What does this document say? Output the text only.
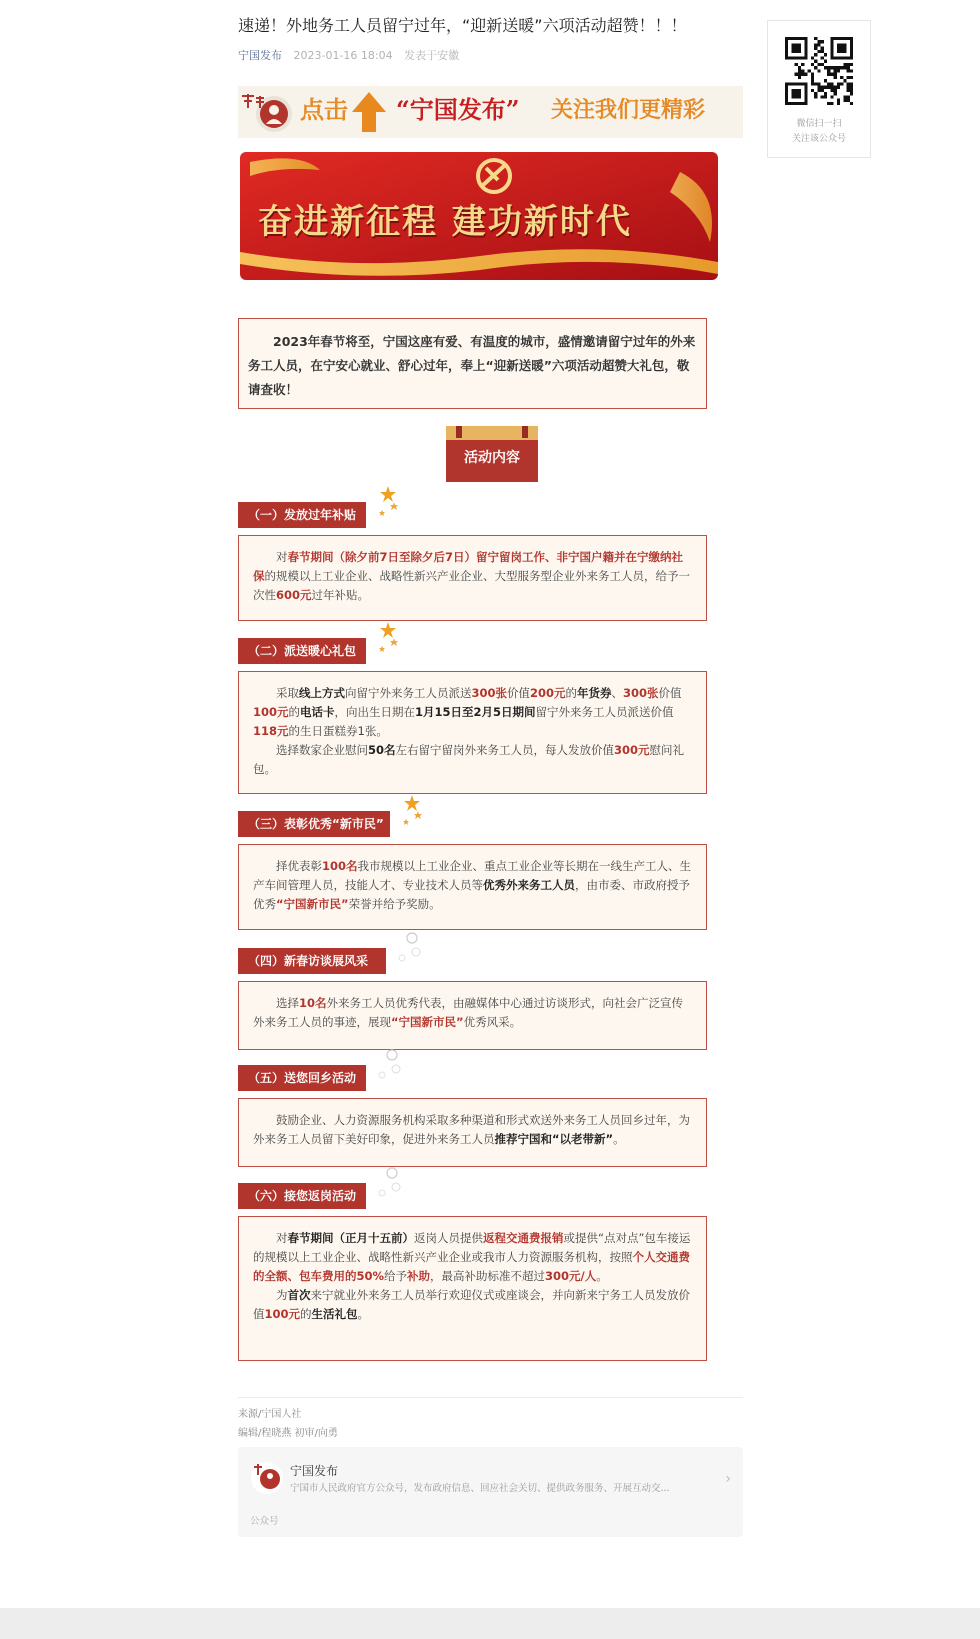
速递！外地务工人员留宁过年，“迎新送暖”六项活动超赞！！！
宁国发布 2023-01-16 18:04 发表于安徽
点击 “宁国发布” 关注我们更精彩
奋进新征程 建功新时代

2023年春节将至，宁国这座有爱、有温度的城市，盛情邀请留宁过年的外来务工人员，在宁安心就业、舒心过年，奉上“迎新送暖”六项活动超赞大礼包，敬请查收！

活动内容
来源/宁国人社
编辑/程晓燕 初审/向勇
宁国发布
宁国市人民政府官方公众号，发布政府信息、回应社会关切、提供政务服务、开展互动交...
›
公众号
（一）发放过年补贴

对春节期间（除夕前7日至除夕后7日）留宁留岗工作、非宁国户籍并在宁缴纳社保的规模以上工业企业、战略性新兴产业企业、大型服务型企业外来务工人员，给予一次性600元过年补贴。

（二）派送暖心礼包

采取线上方式向留宁外来务工人员派送300张价值200元的年货券、300张价值100元的电话卡，向出生日期在1月15日至2月5日期间留宁外来务工人员派送价值118元的生日蛋糕券1张。

选择数家企业慰问50名左右留宁留岗外来务工人员，每人发放价值300元慰问礼包。

（三）表彰优秀“新市民”

择优表彰100名我市规模以上工业企业、重点工业企业等长期在一线生产工人、生产车间管理人员，技能人才、专业技术人员等优秀外来务工人员，由市委、市政府授予优秀“宁国新市民”荣誉并给予奖励。

（四）新春访谈展风采

选择10名外来务工人员优秀代表，由融媒体中心通过访谈形式，向社会广泛宣传外来务工人员的事迹，展现“宁国新市民”优秀风采。

（五）送您回乡活动

鼓励企业、人力资源服务机构采取多种渠道和形式欢送外来务工人员回乡过年，为外来务工人员留下美好印象，促进外来务工人员推荐宁国和“以老带新”。

（六）接您返岗活动

对春节期间（正月十五前）返岗人员提供返程交通费报销或提供“点对点”包车接运的规模以上工业企业、战略性新兴产业企业或我市人力资源服务机构，按照个人交通费的全额、包车费用的50%给予补助，最高补助标准不超过300元/人。

为首次来宁就业外来务工人员举行欢迎仪式或座谈会，并向新来宁务工人员发放价值100元的生活礼包。

微信扫一扫
关注该公众号
